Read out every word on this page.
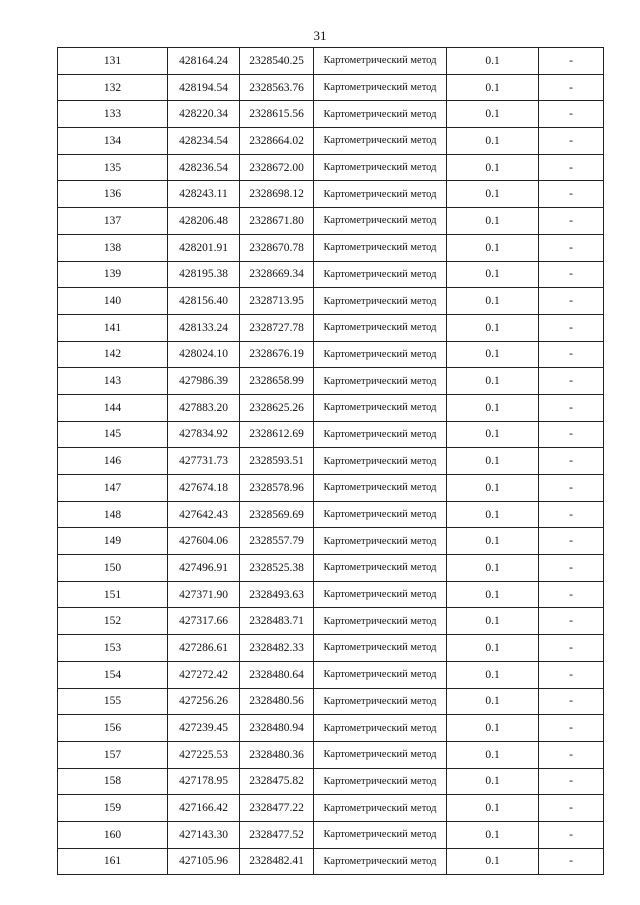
31
131	428164.24	2328540.25	Картометрический метод	0.1	-
132	428194.54	2328563.76	Картометрический метод	0.1	-
133	428220.34	2328615.56	Картометрический метод	0.1	-
134	428234.54	2328664.02	Картометрический метод	0.1	-
135	428236.54	2328672.00	Картометрический метод	0.1	-
136	428243.11	2328698.12	Картометрический метод	0.1	-
137	428206.48	2328671.80	Картометрический метод	0.1	-
138	428201.91	2328670.78	Картометрический метод	0.1	-
139	428195.38	2328669.34	Картометрический метод	0.1	-
140	428156.40	2328713.95	Картометрический метод	0.1	-
141	428133.24	2328727.78	Картометрический метод	0.1	-
142	428024.10	2328676.19	Картометрический метод	0.1	-
143	427986.39	2328658.99	Картометрический метод	0.1	-
144	427883.20	2328625.26	Картометрический метод	0.1	-
145	427834.92	2328612.69	Картометрический метод	0.1	-
146	427731.73	2328593.51	Картометрический метод	0.1	-
147	427674.18	2328578.96	Картометрический метод	0.1	-
148	427642.43	2328569.69	Картометрический метод	0.1	-
149	427604.06	2328557.79	Картометрический метод	0.1	-
150	427496.91	2328525.38	Картометрический метод	0.1	-
151	427371.90	2328493.63	Картометрический метод	0.1	-
152	427317.66	2328483.71	Картометрический метод	0.1	-
153	427286.61	2328482.33	Картометрический метод	0.1	-
154	427272.42	2328480.64	Картометрический метод	0.1	-
155	427256.26	2328480.56	Картометрический метод	0.1	-
156	427239.45	2328480.94	Картометрический метод	0.1	-
157	427225.53	2328480.36	Картометрический метод	0.1	-
158	427178.95	2328475.82	Картометрический метод	0.1	-
159	427166.42	2328477.22	Картометрический метод	0.1	-
160	427143.30	2328477.52	Картометрический метод	0.1	-
161	427105.96	2328482.41	Картометрический метод	0.1	-
